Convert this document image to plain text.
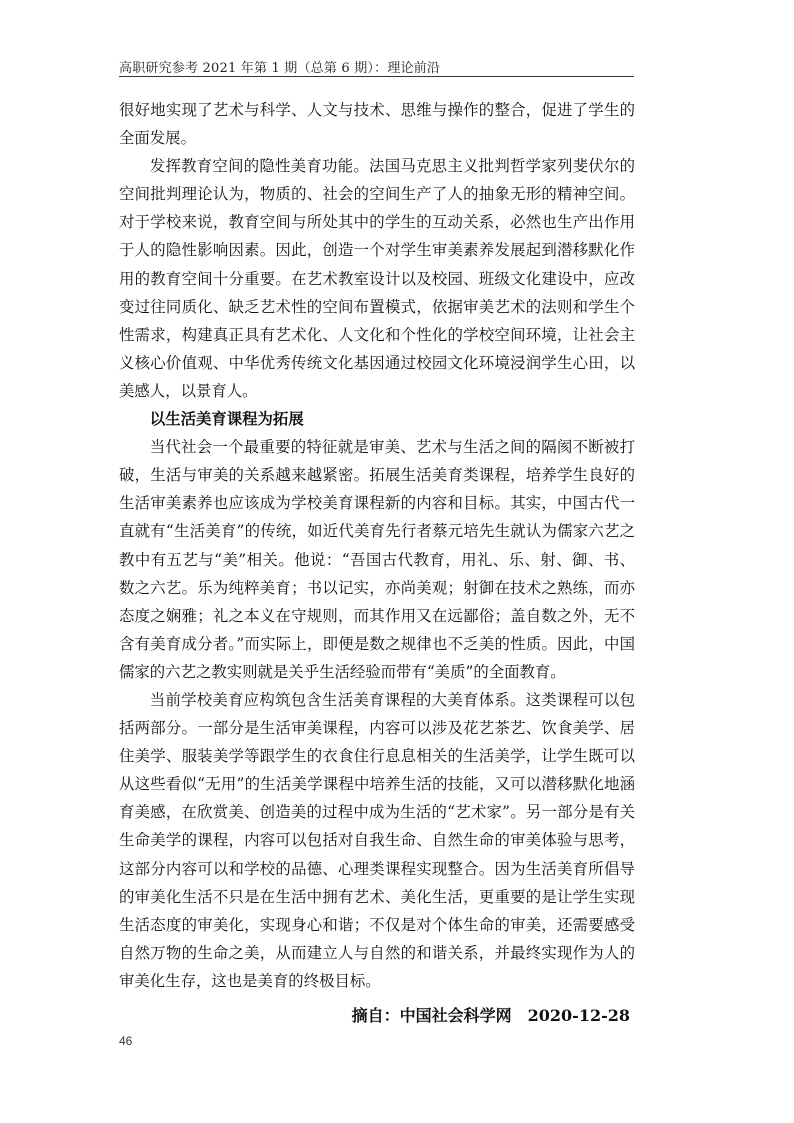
高职研究参考 2021 年第 1 期（总第 6 期）：理论前沿

很好地实现了艺术与科学、人文与技术、思维与操作的整合，促进了学生的全面发展。

发挥教育空间的隐性美育功能。法国马克思主义批判哲学家列斐伏尔的空间批判理论认为，物质的、社会的空间生产了人的抽象无形的精神空间。对于学校来说，教育空间与所处其中的学生的互动关系，必然也生产出作用于人的隐性影响因素。因此，创造一个对学生审美素养发展起到潜移默化作用的教育空间十分重要。在艺术教室设计以及校园、班级文化建设中，应改变过往同质化、缺乏艺术性的空间布置模式，依据审美艺术的法则和学生个性需求，构建真正具有艺术化、人文化和个性化的学校空间环境，让社会主义核心价值观、中华优秀传统文化基因通过校园文化环境浸润学生心田，以美感人，以景育人。

以生活美育课程为拓展

当代社会一个最重要的特征就是审美、艺术与生活之间的隔阂不断被打破，生活与审美的关系越来越紧密。拓展生活美育类课程，培养学生良好的生活审美素养也应该成为学校美育课程新的内容和目标。其实，中国古代一直就有“生活美育”的传统，如近代美育先行者蔡元培先生就认为儒家六艺之教中有五艺与“美”相关。他说：“吾国古代教育，用礼、乐、射、御、书、数之六艺。乐为纯粹美育；书以记实，亦尚美观；射御在技术之熟练，而亦态度之娴雅；礼之本义在守规则，而其作用又在远鄙俗；盖自数之外，无不含有美育成分者。”而实际上，即便是数之规律也不乏美的性质。因此，中国儒家的六艺之教实则就是关乎生活经验而带有“美质”的全面教育。

当前学校美育应构筑包含生活美育课程的大美育体系。这类课程可以包括两部分。一部分是生活审美课程，内容可以涉及花艺茶艺、饮食美学、居住美学、服装美学等跟学生的衣食住行息息相关的生活美学，让学生既可以从这些看似“无用”的生活美学课程中培养生活的技能，又可以潜移默化地涵育美感，在欣赏美、创造美的过程中成为生活的“艺术家”。另一部分是有关生命美学的课程，内容可以包括对自我生命、自然生命的审美体验与思考，这部分内容可以和学校的品德、心理类课程实现整合。因为生活美育所倡导的审美化生活不只是在生活中拥有艺术、美化生活，更重要的是让学生实现生活态度的审美化，实现身心和谐；不仅是对个体生命的审美，还需要感受自然万物的生命之美，从而建立人与自然的和谐关系，并最终实现作为人的审美化生存，这也是美育的终极目标。

摘自：中国社会科学网　2020-12-28
46
